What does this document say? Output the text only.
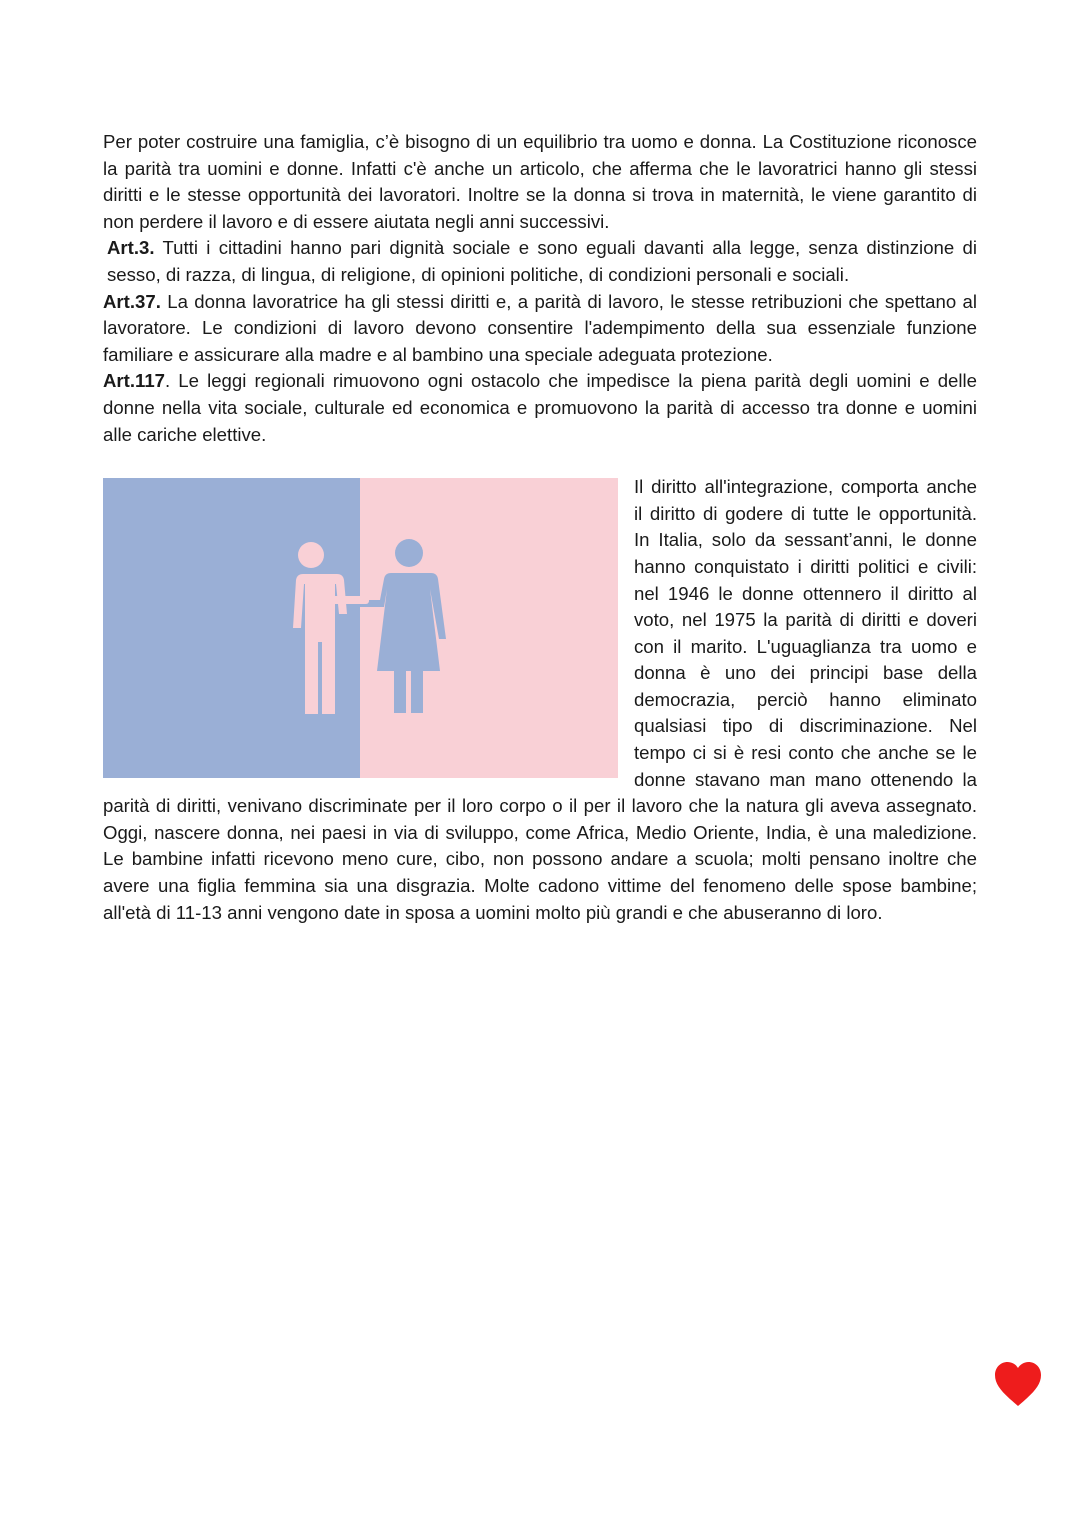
Per poter costruire una famiglia, c’è bisogno di un equilibrio tra uomo e donna. La Costituzione riconosce la parità tra uomini e donne. Infatti c'è anche un articolo, che afferma che le lavoratrici hanno gli stessi diritti e le stesse opportunità dei lavoratori. Inoltre se la donna si trova in maternità, le viene garantito di non perdere il lavoro e di essere aiutata negli anni successivi.

Art.3. Tutti i cittadini hanno pari dignità sociale e sono eguali davanti alla legge, senza distinzione di sesso, di razza, di lingua, di religione, di opinioni politiche, di condizioni personali e sociali.

Art.37. La donna lavoratrice ha gli stessi diritti e, a parità di lavoro, le stesse retribuzioni che spettano al lavoratore. Le condizioni di lavoro devono consentire l'adempimento della sua essenziale funzione familiare e assicurare alla madre e al bambino una speciale adeguata protezione.

Art.117. Le leggi regionali rimuovono ogni ostacolo che impedisce la piena parità degli uomini e delle donne nella vita sociale, culturale ed economica e promuovono la parità di accesso tra donne e uomini alle cariche elettive.

Il diritto all'integrazione, comporta anche il diritto di godere di tutte le opportunità. In Italia, solo da sessant’anni, le donne hanno conquistato i diritti politici e civili: nel 1946 le donne ottennero il diritto al voto, nel 1975 la parità di diritti e doveri con il marito. L'uguaglianza tra uomo e donna è uno dei principi base della democrazia, perciò hanno eliminato qualsiasi tipo di discriminazione. Nel tempo ci si è resi conto che anche se le donne stavano man mano ottenendo la parità di diritti, venivano discriminate per il loro corpo o il per il lavoro che la natura gli aveva assegnato. Oggi, nascere donna, nei paesi in via di sviluppo, come Africa, Medio Oriente, India, è una maledizione. Le bambine infatti ricevono meno cure, cibo, non possono andare a scuola; molti pensano inoltre che avere una figlia femmina sia una disgrazia. Molte cadono vittime del fenomeno delle spose bambine; all'età di 11-13 anni vengono date in sposa a uomini molto più grandi e che abuseranno di loro.
